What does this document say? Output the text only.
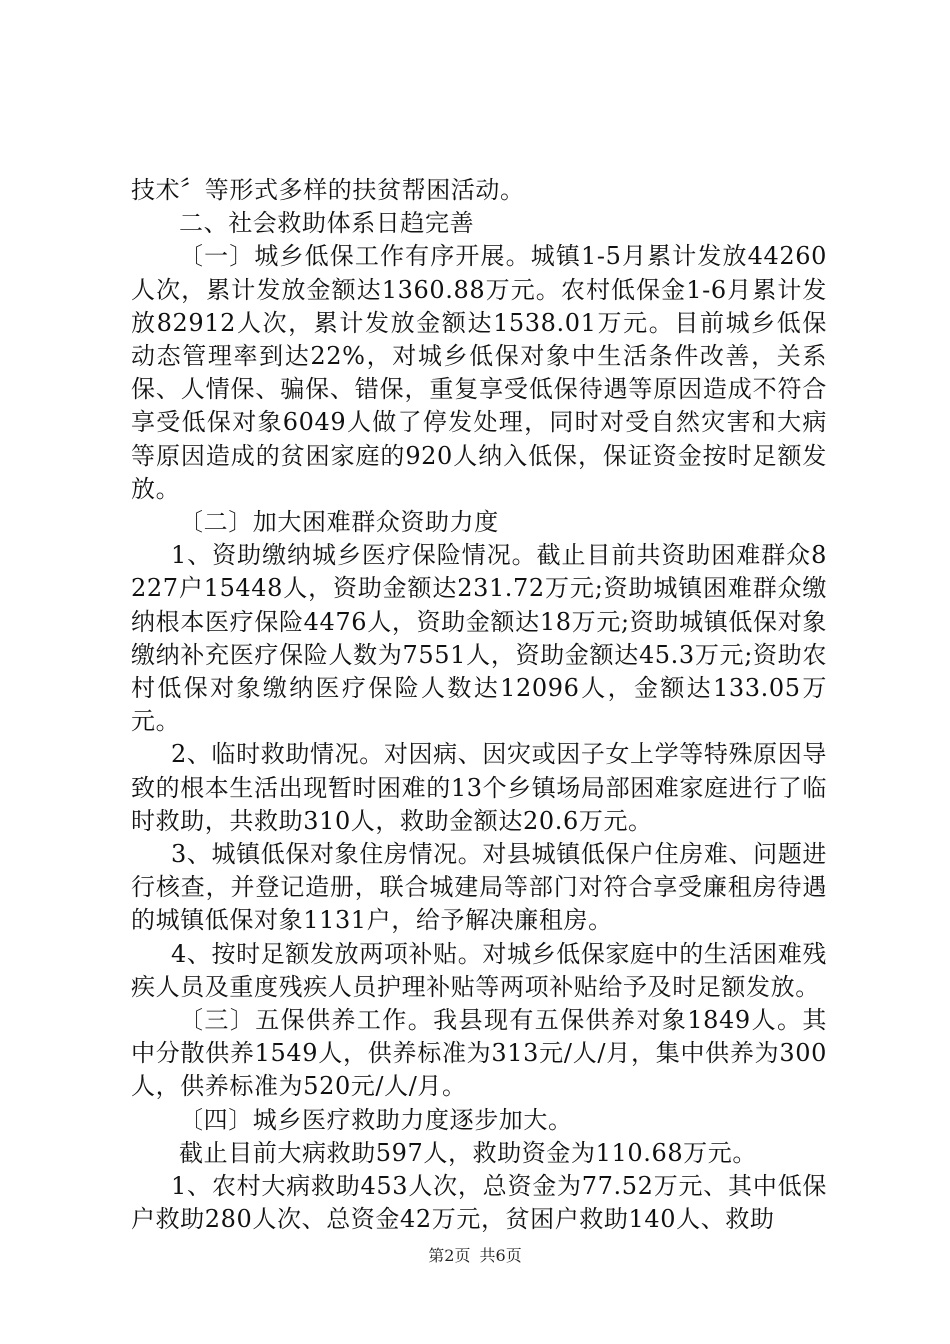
技术〞等形式多样的扶贫帮困活动。

二、社会救助体系日趋完善

〔一〕城乡低保工作有序开展。城镇1-5月累计发放44260人次，累计发放金额达1360.88万元。农村低保金1-6月累计发放82912人次，累计发放金额达1538.01万元。目前城乡低保动态管理率到达22%，对城乡低保对象中生活条件改善，关系保、人情保、骗保、错保，重复享受低保待遇等原因造成不符合享受低保对象6049人做了停发处理，同时对受自然灾害和大病等原因造成的贫困家庭的920人纳入低保，保证资金按时足额发放。

〔二〕加大困难群众资助力度

1、资助缴纳城乡医疗保险情况。截止目前共资助困难群众8227户15448人，资助金额达231.72万元;资助城镇困难群众缴纳根本医疗保险4476人，资助金额达18万元;资助城镇低保对象缴纳补充医疗保险人数为7551人，资助金额达45.3万元;资助农村低保对象缴纳医疗保险人数达12096人，金额达133.05万元。

2、临时救助情况。对因病、因灾或因子女上学等特殊原因导致的根本生活出现暂时困难的13个乡镇场局部困难家庭进行了临时救助，共救助310人，救助金额达20.6万元。

3、城镇低保对象住房情况。对县城镇低保户住房难、问题进行核查，并登记造册，联合城建局等部门对符合享受廉租房待遇的城镇低保对象1131户，给予解决廉租房。

4、按时足额发放两项补贴。对城乡低保家庭中的生活困难残疾人员及重度残疾人员护理补贴等两项补贴给予及时足额发放。

〔三〕五保供养工作。我县现有五保供养对象1849人。其中分散供养1549人，供养标准为313元/人/月，集中供养为300人，供养标准为520元/人/月。

〔四〕城乡医疗救助力度逐步加大。

截止目前大病救助597人，救助资金为110.68万元。

1、农村大病救助453人次，总资金为77.52万元、其中低保户救助280人次、总资金42万元，贫困户救助140人、救助

第2页 共6页
